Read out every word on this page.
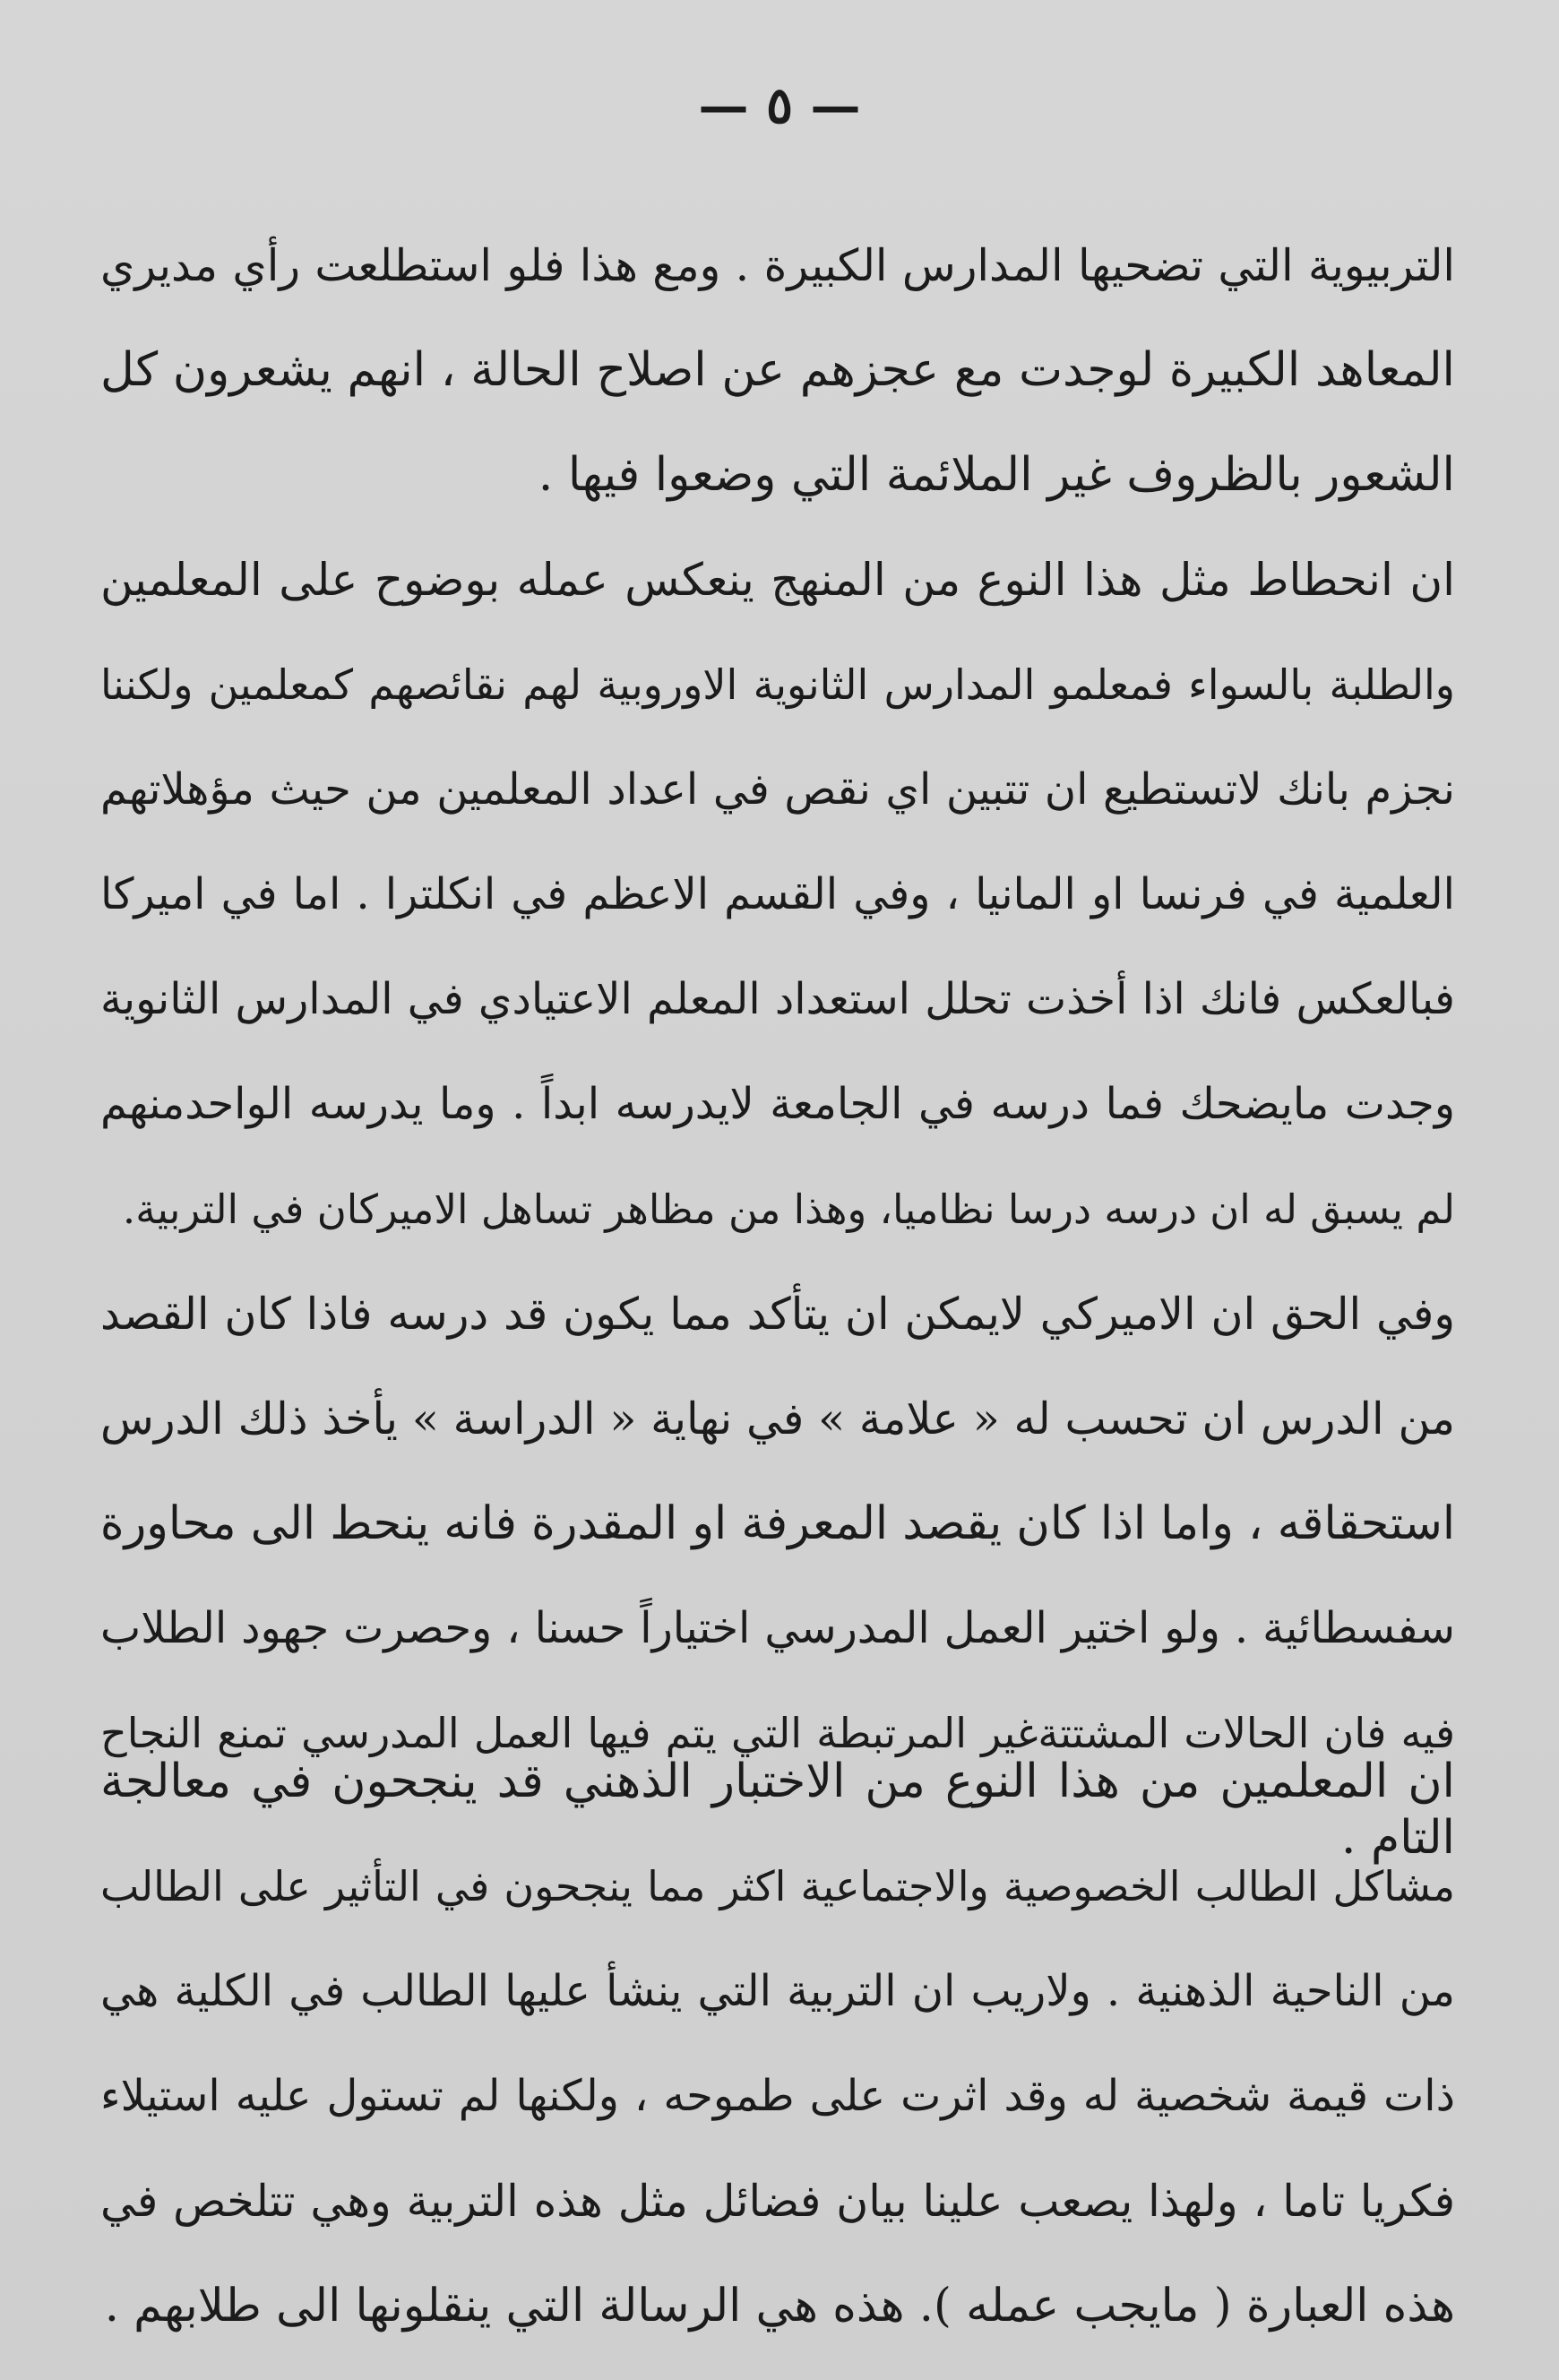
— ٥ —
التربيوية التي تضحيها المدارس الكبيرة . ومع هذا فلو استطلعت رأي مديري
المعاهد الكبيرة لوجدت مع عجزهم عن اصلاح الحالة ، انهم يشعرون كل
الشعور بالظروف غير الملائمة التي وضعوا فيها .
ان انحطاط مثل هذا النوع من المنهج ينعكس عمله بوضوح على المعلمين
والطلبة بالسواء فمعلمو المدارس الثانوية الاوروبية لهم نقائصهم كمعلمين ولكننا
نجزم بانك لاتستطيع ان تتبين اي نقص في اعداد المعلمين من حيث مؤهلاتهم
العلمية في فرنسا او المانيا ، وفي القسم الاعظم في انكلترا . اما في اميركا
فبالعكس فانك اذا أخذت تحلل استعداد المعلم الاعتيادي في المدارس الثانوية
وجدت مايضحك فما درسه في الجامعة لايدرسه ابداً . وما يدرسه الواحدمنهم
لم يسبق له ان درسه درسا نظاميا، وهذا من مظاهر تساهل الاميركان في التربية.
وفي الحق ان الاميركي لايمكن ان يتأكد مما يكون قد درسه فاذا كان القصد
من الدرس ان تحسب له « علامة » في نهاية « الدراسة » يأخذ ذلك الدرس
استحقاقه ، واما اذا كان يقصد المعرفة او المقدرة فانه ينحط الى محاورة
سفسطائية . ولو اختير العمل المدرسي اختياراً حسنا ، وحصرت جهود الطلاب
فيه فان الحالات المشتتةغير المرتبطة التي يتم فيها العمل المدرسي تمنع النجاح
التام .
ان المعلمين من هذا النوع من الاختبار الذهني قد ينجحون في معالجة
مشاكل الطالب الخصوصية والاجتماعية اكثر مما ينجحون في التأثير على الطالب
من الناحية الذهنية . ولاريب ان التربية التي ينشأ عليها الطالب في الكلية هي
ذات قيمة شخصية له وقد اثرت على طموحه ، ولكنها لم تستول عليه استيلاء
فكريا تاما ، ولهذا يصعب علينا بيان فضائل مثل هذه التربية وهي تتلخص في
هذه العبارة ( مايجب عمله ). هذه هي الرسالة التي ينقلونها الى طلابهم .
